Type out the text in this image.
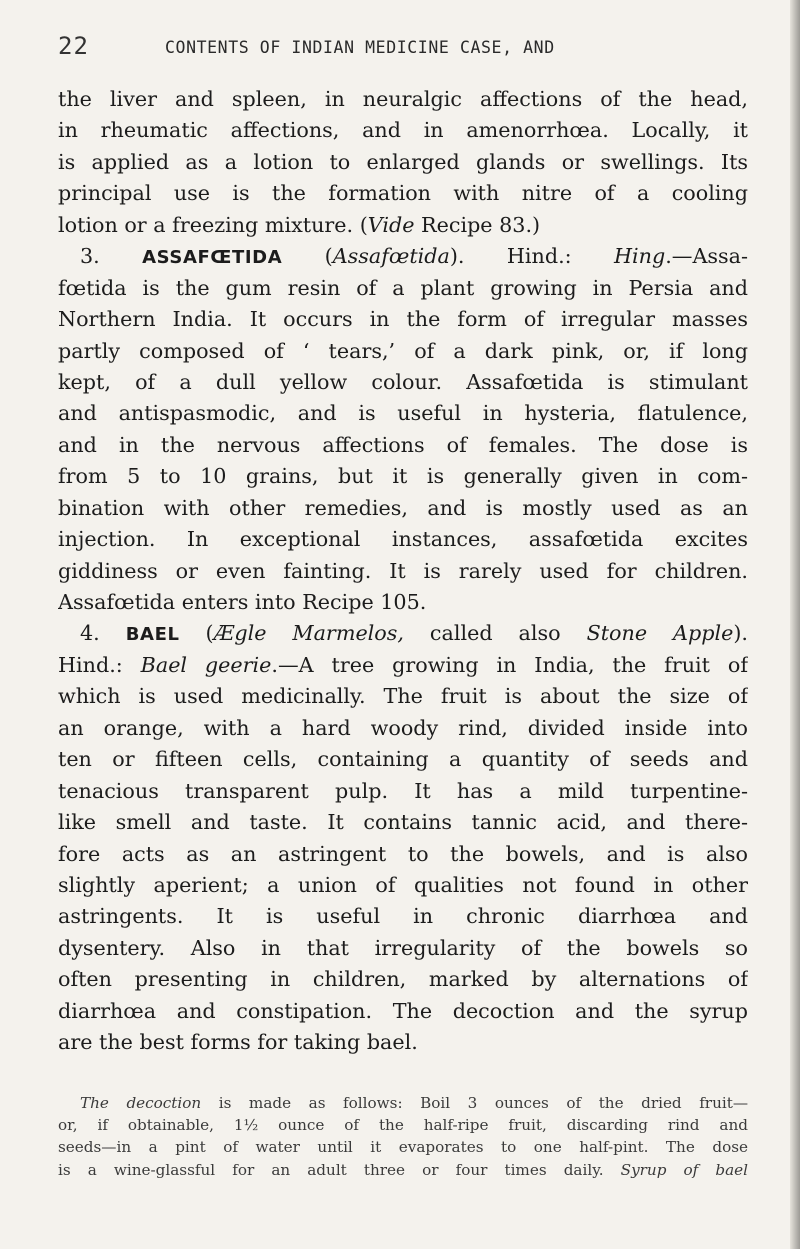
22	CONTENTS OF INDIAN MEDICINE CASE, AND
the liver and spleen, in neuralgic affections of the head,
in rheumatic affections, and in amenorrhœa. Locally, it
is applied as a lotion to enlarged glands or swellings. Its
principal use is the formation with nitre of a cooling
lotion or a freezing mixture. (Vide Recipe 83.)
3. ASSAFŒTIDA (Assafœtida). Hind.: Hing.—Assa-
fœtida is the gum resin of a plant growing in Persia and
Northern India. It occurs in the form of irregular masses
partly composed of ‘ tears,’ of a dark pink, or, if long
kept, of a dull yellow colour. Assafœtida is stimulant
and antispasmodic, and is useful in hysteria, flatulence,
and in the nervous affections of females. The dose is
from 5 to 10 grains, but it is generally given in com-
bination with other remedies, and is mostly used as an
injection. In exceptional instances, assafœtida excites
giddiness or even fainting. It is rarely used for children.
Assafœtida enters into Recipe 105.
4. BAEL (Ægle Marmelos, called also Stone Apple).
Hind.: Bael geerie.—A tree growing in India, the fruit of
which is used medicinally. The fruit is about the size of
an orange, with a hard woody rind, divided inside into
ten or fifteen cells, containing a quantity of seeds and
tenacious transparent pulp. It has a mild turpentine-
like smell and taste. It contains tannic acid, and there-
fore acts as an astringent to the bowels, and is also
slightly aperient; a union of qualities not found in other
astringents. It is useful in chronic diarrhœa and
dysentery. Also in that irregularity of the bowels so
often presenting in children, marked by alternations of
diarrhœa and constipation. The decoction and the syrup
are the best forms for taking bael.
The decoction is made as follows: Boil 3 ounces of the dried fruit—
or, if obtainable, 1½ ounce of the half-ripe fruit, discarding rind and
seeds—in a pint of water until it evaporates to one half-pint. The dose
is a wine-glassful for an adult three or four times daily. Syrup of bael
